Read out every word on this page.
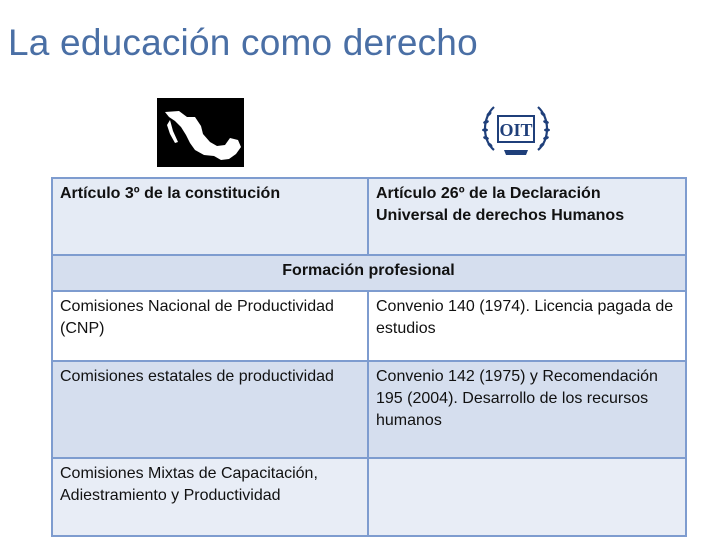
La educación como derecho
OIT
Artículo 3º de la constitución	Artículo 26º de la Declaración Universal de derechos Humanos
Formación profesional	
Comisiones Nacional de Productividad (CNP)	Convenio 140 (1974). Licencia pagada de estudios
Comisiones estatales de productividad	Convenio 142 (1975) y Recomendación 195 (2004). Desarrollo de los recursos humanos
Comisiones Mixtas de Capacitación, Adiestramiento y Productividad	
